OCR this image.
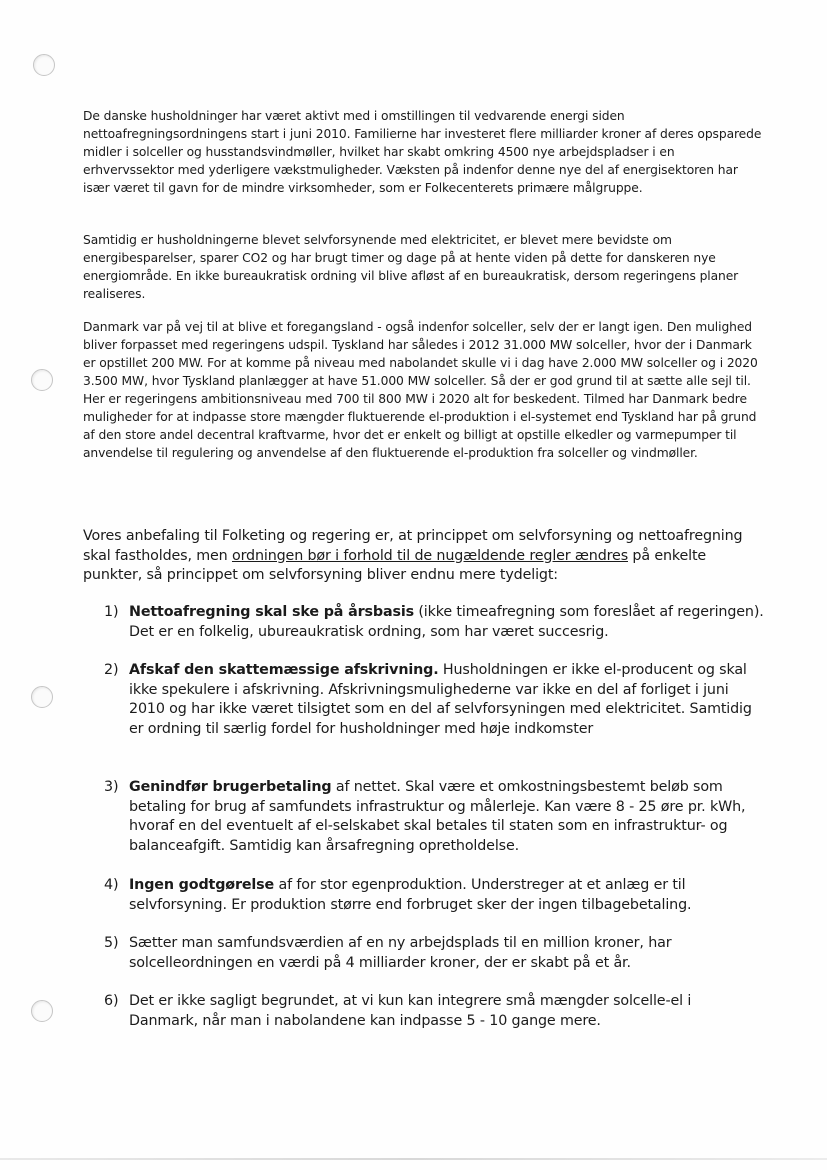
De danske husholdninger har været aktivt med i omstillingen til vedvarende energi siden nettoafregningsordningens start i juni 2010. Familierne har investeret flere milliarder kroner af deres opsparede midler i solceller og husstandsvindmøller, hvilket har skabt omkring 4500 nye arbejdspladser i en erhvervssektor med yderligere vækstmuligheder. Væksten på indenfor denne nye del af energisektoren har især været til gavn for de mindre virksomheder, som er Folkecenterets primære målgruppe.

Samtidig er husholdningerne blevet selvforsynende med elektricitet, er blevet mere bevidste om energibesparelser, sparer CO2 og har brugt timer og dage på at hente viden på dette for danskeren nye energiområde. En ikke bureaukratisk ordning vil blive afløst af en bureaukratisk, dersom regeringens planer realiseres.

Danmark var på vej til at blive et foregangsland - også indenfor solceller, selv der er langt igen. Den mulighed bliver forpasset med regeringens udspil. Tyskland har således i 2012 31.000 MW solceller, hvor der i Danmark er opstillet 200 MW. For at komme på niveau med nabolandet skulle vi i dag have 2.000 MW solceller og i 2020 3.500 MW, hvor Tyskland planlægger at have 51.000 MW solceller. Så der er god grund til at sætte alle sejl til. Her er regeringens ambitionsniveau med 700 til 800 MW i 2020 alt for beskedent. Tilmed har Danmark bedre muligheder for at indpasse store mængder fluktuerende el-produktion i el-systemet end Tyskland har på grund af den store andel decentral kraftvarme, hvor det er enkelt og billigt at opstille elkedler og varmepumper til anvendelse til regulering og anvendelse af den fluktuerende el-produktion fra solceller og vindmøller.

Vores anbefaling til Folketing og regering er, at princippet om selvforsyning og nettoafregning skal fastholdes, men ordningen bør i forhold til de nugældende regler ændres på enkelte punkter, så princippet om selvforsyning bliver endnu mere tydeligt:

1) Nettoafregning skal ske på årsbasis (ikke timeafregning som foreslået af regeringen). Det er en folkelig, ubureaukratisk ordning, som har været succesrig.
2) Afskaf den skattemæssige afskrivning. Husholdningen er ikke el-producent og skal ikke spekulere i afskrivning. Afskrivningsmulighederne var ikke en del af forliget i juni 2010 og har ikke været tilsigtet som en del af selvforsyningen med elektricitet. Samtidig er ordning til særlig fordel for husholdninger med høje indkomster
3) Genindfør brugerbetaling af nettet. Skal være et omkostningsbestemt beløb som betaling for brug af samfundets infrastruktur og målerleje. Kan være 8 - 25 øre pr. kWh, hvoraf en del eventuelt af el-selskabet skal betales til staten som en infrastruktur- og balanceafgift. Samtidig kan årsafregning opretholdelse.
4) Ingen godtgørelse af for stor egenproduktion. Understreger at et anlæg er til selvforsyning. Er produktion større end forbruget sker der ingen tilbagebetaling.
5) Sætter man samfundsværdien af en ny arbejdsplads til en million kroner, har solcelleordningen en værdi på 4 milliarder kroner, der er skabt på et år.
6) Det er ikke sagligt begrundet, at vi kun kan integrere små mængder solcelle-el i Danmark, når man i nabolandene kan indpasse 5 - 10 gange mere.
